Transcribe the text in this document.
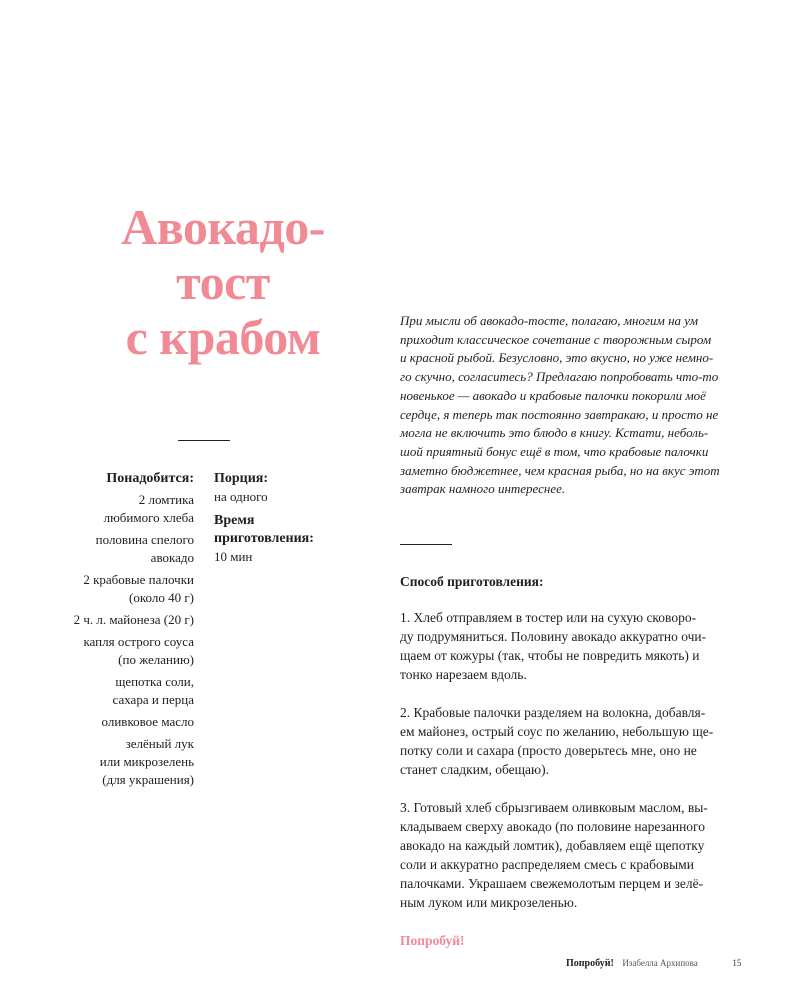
Авокадо-
тост
с крабом
Понадобится:
2 ломтика
любимого хлеба
половина спелого
авокадо
2 крабовые палочки
(около 40 г)
2 ч. л. майонеза (20 г)
капля острого соуса
(по желанию)
щепотка соли,
сахара и перца
оливковое масло
зелёный лук
или микрозелень
(для украшения)
Порция:
на одного
Время
приготовления:
10 мин
При мысли об авокадо-тосте, полагаю, многим на ум
приходит классическое сочетание с творожным сыром
и красной рыбой. Безусловно, это вкусно, но уже немно-
го скучно, согласитесь? Предлагаю попробовать что-то
новенькое — авокадо и крабовые палочки покорили моё
сердце, я теперь так постоянно завтракаю, и просто не
могла не включить это блюдо в книгу. Кстати, неболь-
шой приятный бонус ещё в том, что крабовые палочки
заметно бюджетнее, чем красная рыба, но на вкус этот
завтрак намного интереснее.
Способ приготовления:
1. Хлеб отправляем в тостер или на сухую сковоро-
ду подрумяниться. Половину авокадо аккуратно очи-
щаем от кожуры (так, чтобы не повредить мякоть) и
тонко нарезаем вдоль.
2. Крабовые палочки разделяем на волокна, добавля-
ем майонез, острый соус по желанию, небольшую ще-
потку соли и сахара (просто доверьтесь мне, оно не
станет сладким, обещаю).
3. Готовый хлеб сбрызгиваем оливковым маслом, вы-
кладываем сверху авокадо (по половине нарезанного
авокадо на каждый ломтик), добавляем ещё щепотку
соли и аккуратно распределяем смесь с крабовыми
палочками. Украшаем свежемолотым перцем и зелё-
ным луком или микрозеленью.
Попробуй!
Попробуй! Изабелла Архипова	15
